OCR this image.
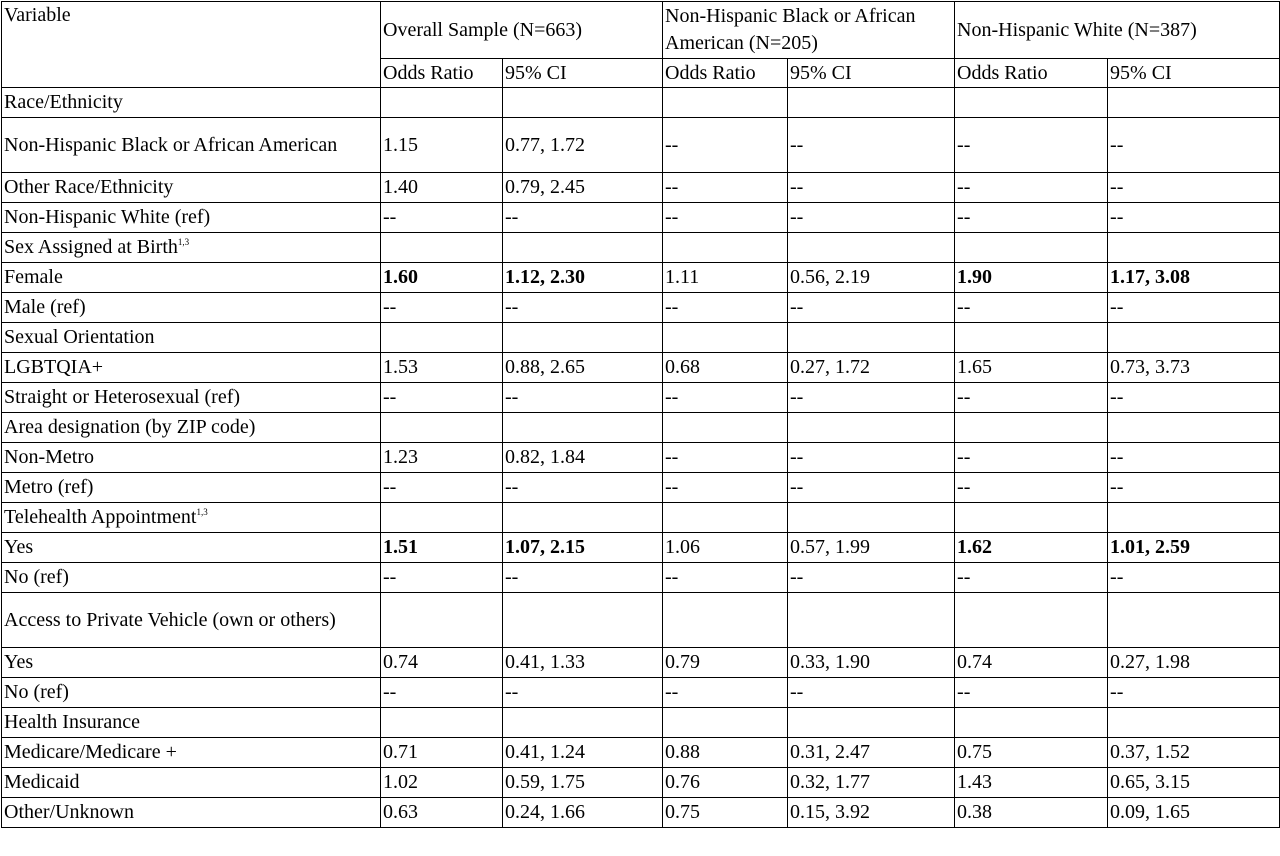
Variable	Overall Sample (N=663)		Non-Hispanic Black or African American (N=205)		Non-Hispanic White (N=387)	
	Odds Ratio	95% CI	Odds Ratio	95% CI	Odds Ratio	95% CI
Race/Ethnicity						
Non-Hispanic Black or African American	1.15	0.77, 1.72	--	--	--	--
Other Race/Ethnicity	1.40	0.79, 2.45	--	--	--	--
Non-Hispanic White (ref)	--	--	--	--	--	--
Sex Assigned at Birth$^{1,3}$						
Female	1.60	1.12, 2.30	1.11	0.56, 2.19	1.90	1.17, 3.08
Male (ref)	--	--	--	--	--	--
Sexual Orientation						
LGBTQIA+	1.53	0.88, 2.65	0.68	0.27, 1.72	1.65	0.73, 3.73
Straight or Heterosexual (ref)	--	--	--	--	--	--
Area designation (by ZIP code)						
Non-Metro	1.23	0.82, 1.84	--	--	--	--
Metro (ref)	--	--	--	--	--	--
Telehealth Appointment$^{1,3}$						
Yes	1.51	1.07, 2.15	1.06	0.57, 1.99	1.62	1.01, 2.59
No (ref)	--	--	--	--	--	--
Access to Private Vehicle (own or others)						
Yes	0.74	0.41, 1.33	0.79	0.33, 1.90	0.74	0.27, 1.98
No (ref)	--	--	--	--	--	--
Health Insurance						
Medicare/Medicare +	0.71	0.41, 1.24	0.88	0.31, 2.47	0.75	0.37, 1.52
Medicaid	1.02	0.59, 1.75	0.76	0.32, 1.77	1.43	0.65, 3.15
Other/Unknown	0.63	0.24, 1.66	0.75	0.15, 3.92	0.38	0.09, 1.65
